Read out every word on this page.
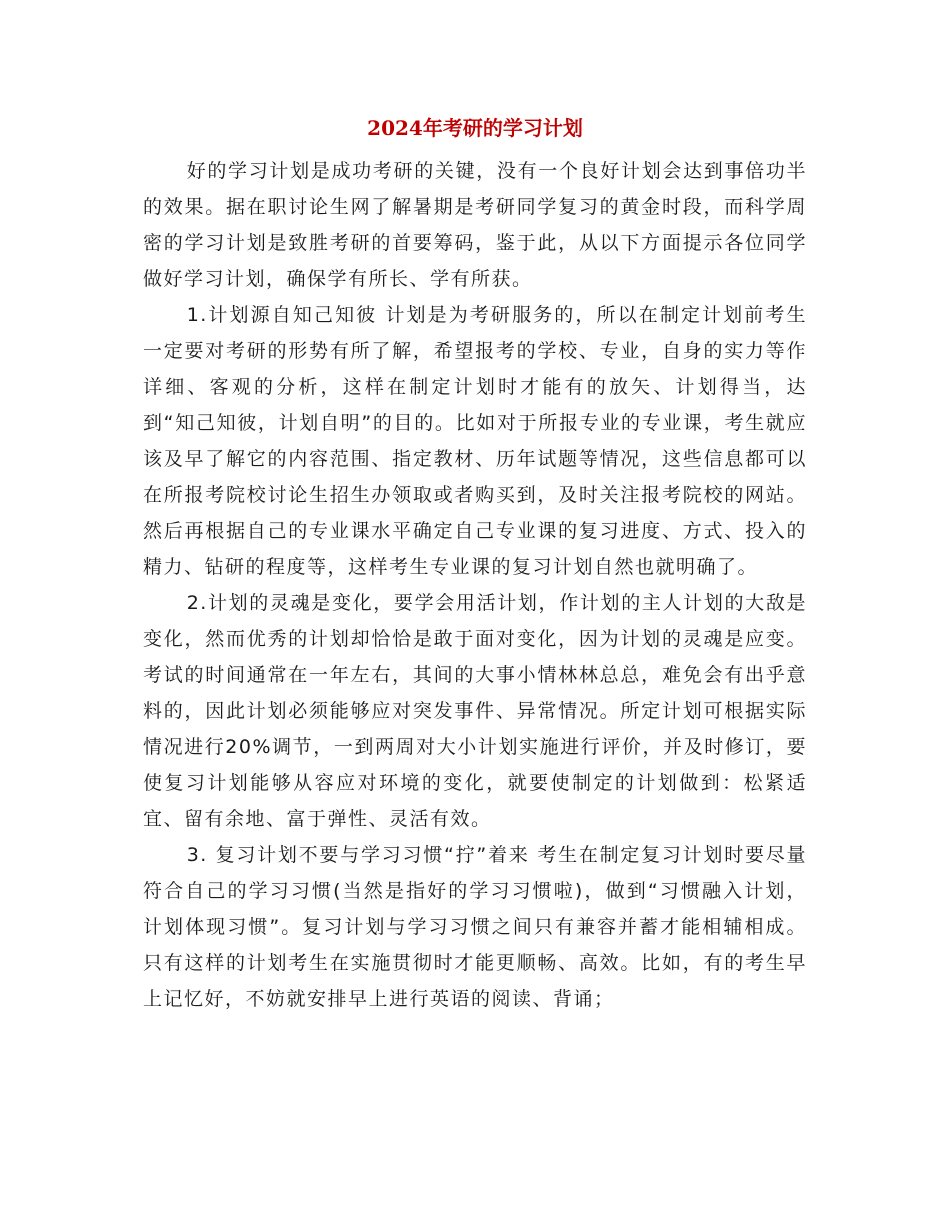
2024年考研的学习计划

好的学习计划是成功考研的关键，没有一个良好计划会达到事倍功半的效果。据在职讨论生网了解暑期是考研同学复习的黄金时段，而科学周密的学习计划是致胜考研的首要筹码，鉴于此，从以下方面提示各位同学做好学习计划，确保学有所长、学有所获。

1.计划源自知己知彼 计划是为考研服务的，所以在制定计划前考生一定要对考研的形势有所了解，希望报考的学校、专业，自身的实力等作详细、客观的分析，这样在制定计划时才能有的放矢、计划得当，达到“知己知彼，计划自明”的目的。比如对于所报专业的专业课，考生就应该及早了解它的内容范围、指定教材、历年试题等情况，这些信息都可以在所报考院校讨论生招生办领取或者购买到，及时关注报考院校的网站。然后再根据自己的专业课水平确定自己专业课的复习进度、方式、投入的精力、钻研的程度等，这样考生专业课的复习计划自然也就明确了。

2.计划的灵魂是变化，要学会用活计划，作计划的主人计划的大敌是变化，然而优秀的计划却恰恰是敢于面对变化，因为计划的灵魂是应变。考试的时间通常在一年左右，其间的大事小情林林总总，难免会有出乎意料的，因此计划必须能够应对突发事件、异常情况。所定计划可根据实际情况进行20%调节，一到两周对大小计划实施进行评价，并及时修订，要使复习计划能够从容应对环境的变化，就要使制定的计划做到：松紧适宜、留有余地、富于弹性、灵活有效。

3. 复习计划不要与学习习惯“拧”着来 考生在制定复习计划时要尽量符合自己的学习习惯(当然是指好的学习习惯啦)，做到“习惯融入计划，计划体现习惯”。复习计划与学习习惯之间只有兼容并蓄才能相辅相成。只有这样的计划考生在实施贯彻时才能更顺畅、高效。比如，有的考生早上记忆好，不妨就安排早上进行英语的阅读、背诵；
